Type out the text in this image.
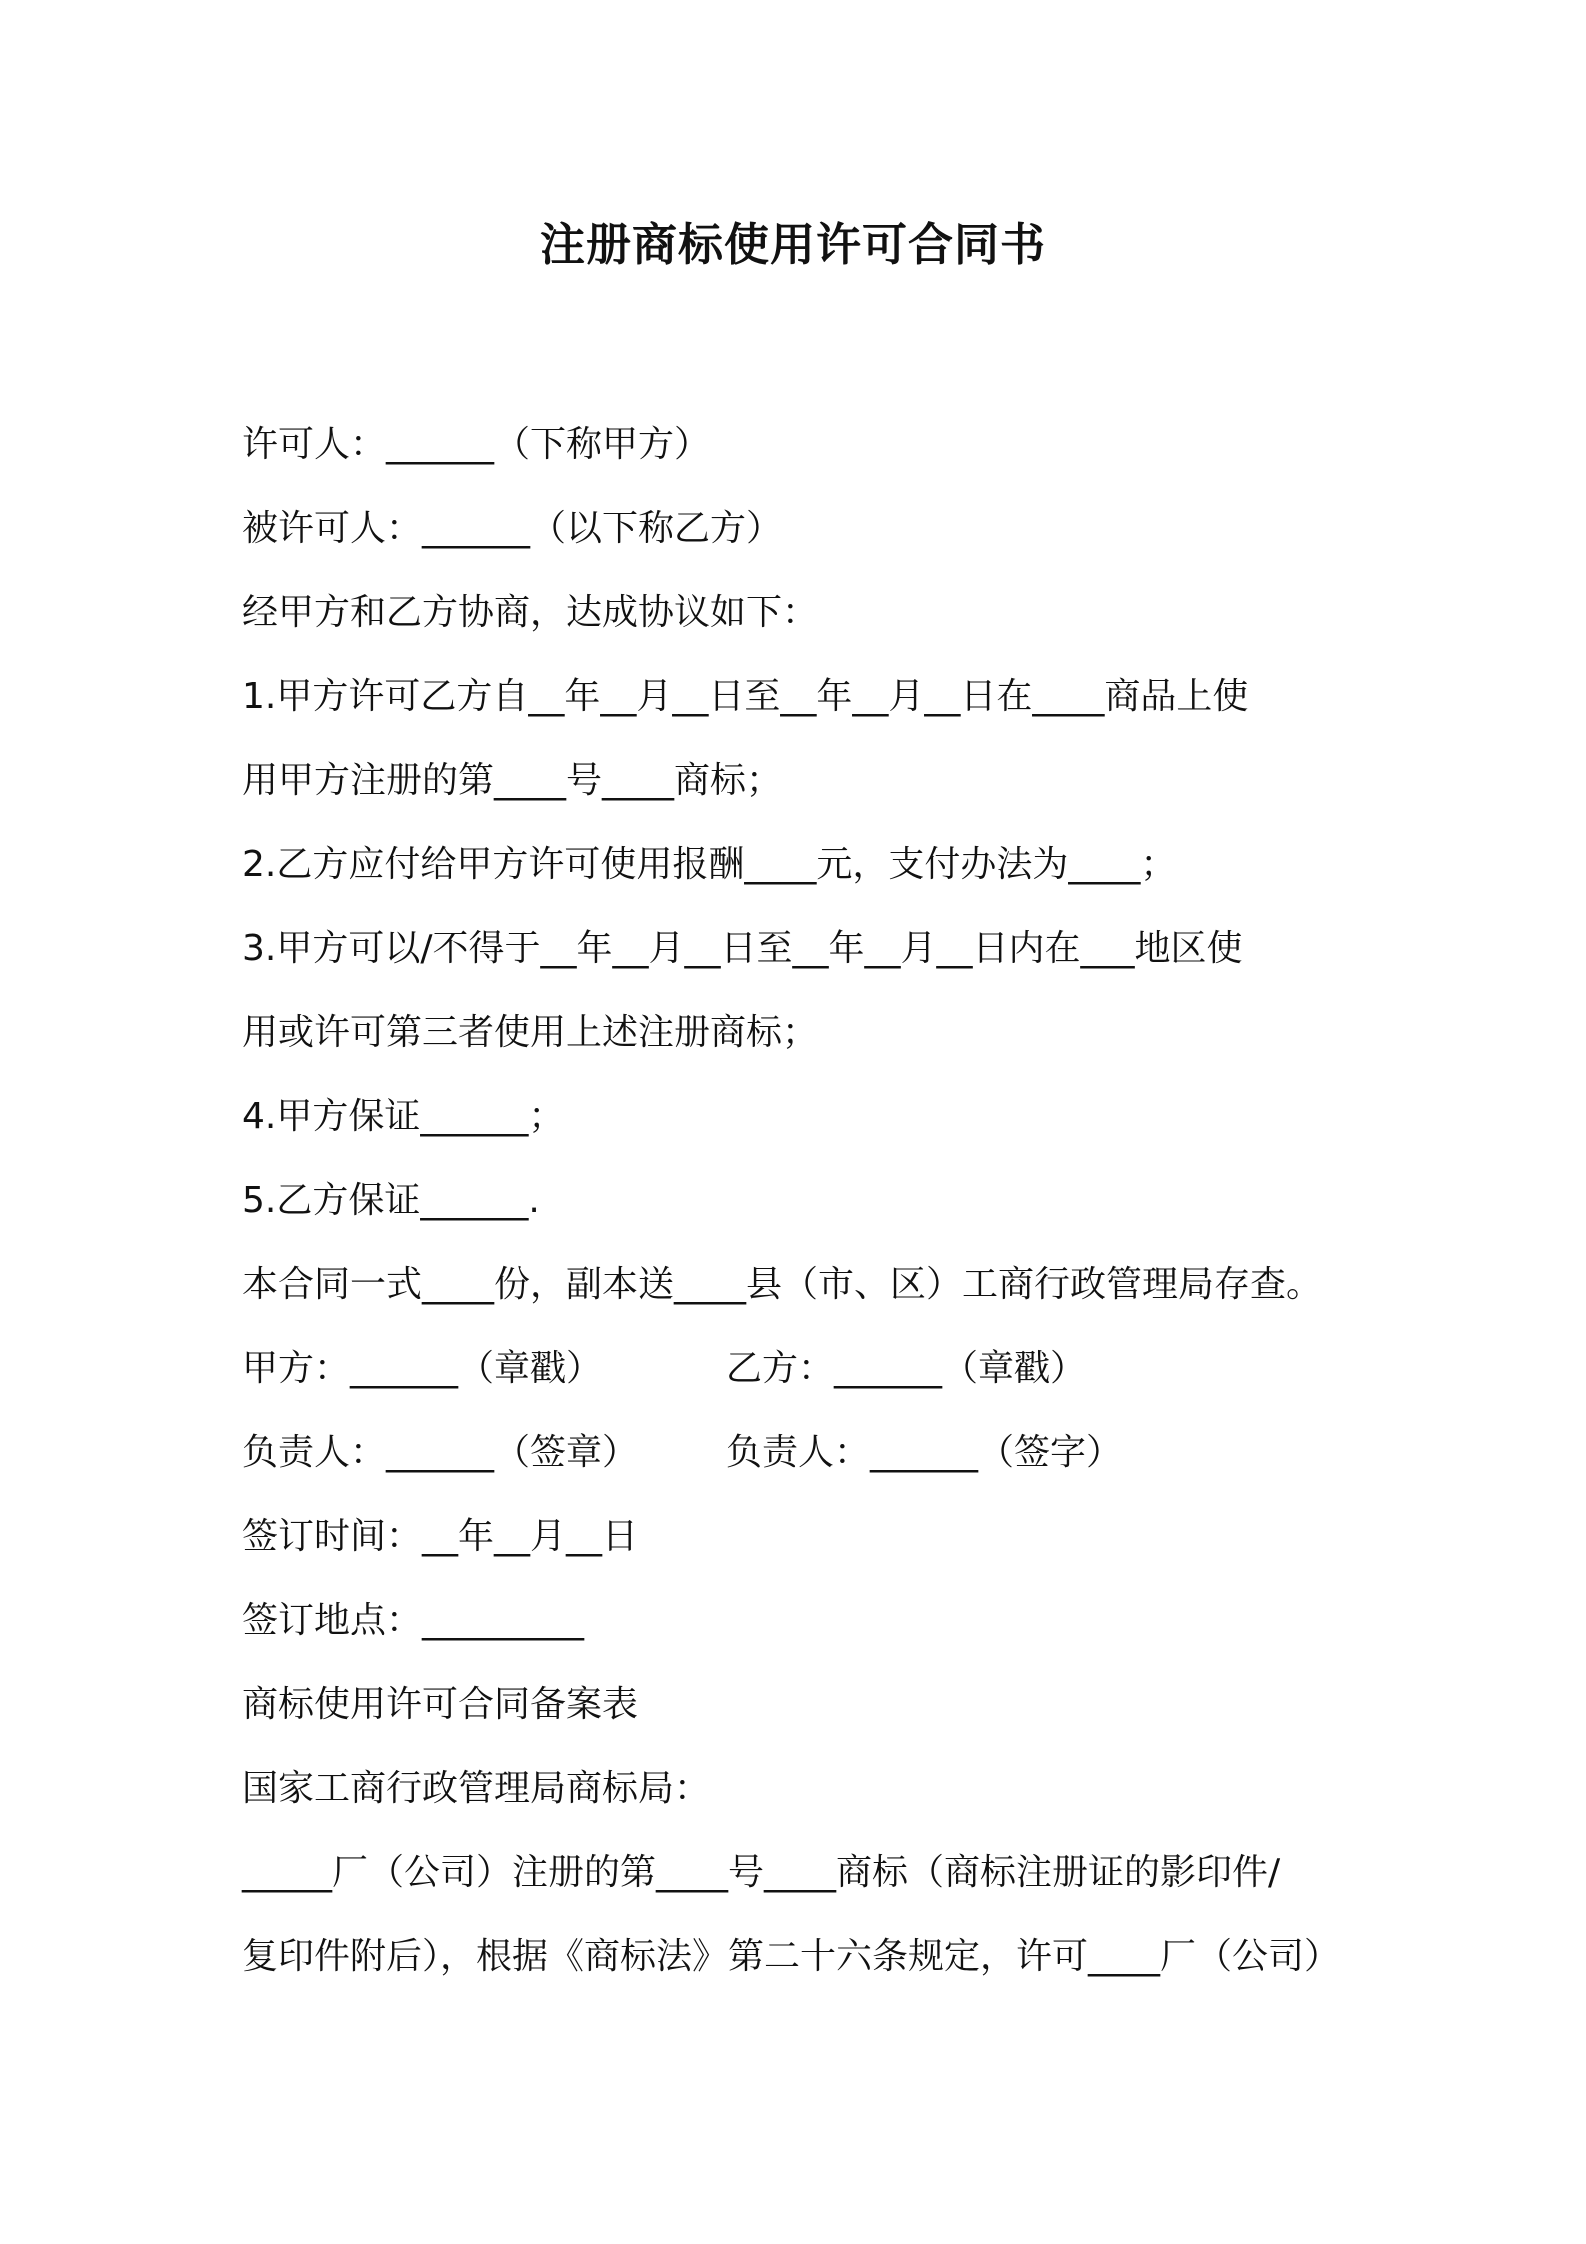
注册商标使用许可合同书
许可人：______（下称甲方）
被许可人：______（以下称乙方）
经甲方和乙方协商，达成协议如下：
1.甲方许可乙方自__年__月__日至__年__月__日在____商品上使
用甲方注册的第____号____商标；
2.乙方应付给甲方许可使用报酬____元，支付办法为____；
3.甲方可以/不得于__年__月__日至__年__月__日内在___地区使
用或许可第三者使用上述注册商标；
4.甲方保证______；
5.乙方保证______.
本合同一式____份，副本送____县（市、区）工商行政管理局存查。
甲方：______（章戳）	乙方：______（章戳）
负责人：______（签章） 负责人：______（签字）
签订时间：__年__月__日
签订地点：_________
商标使用许可合同备案表
国家工商行政管理局商标局：
_____厂（公司）注册的第____号____商标（商标注册证的影印件/
复印件附后），根据《商标法》第二十六条规定，许可____厂（公司）
